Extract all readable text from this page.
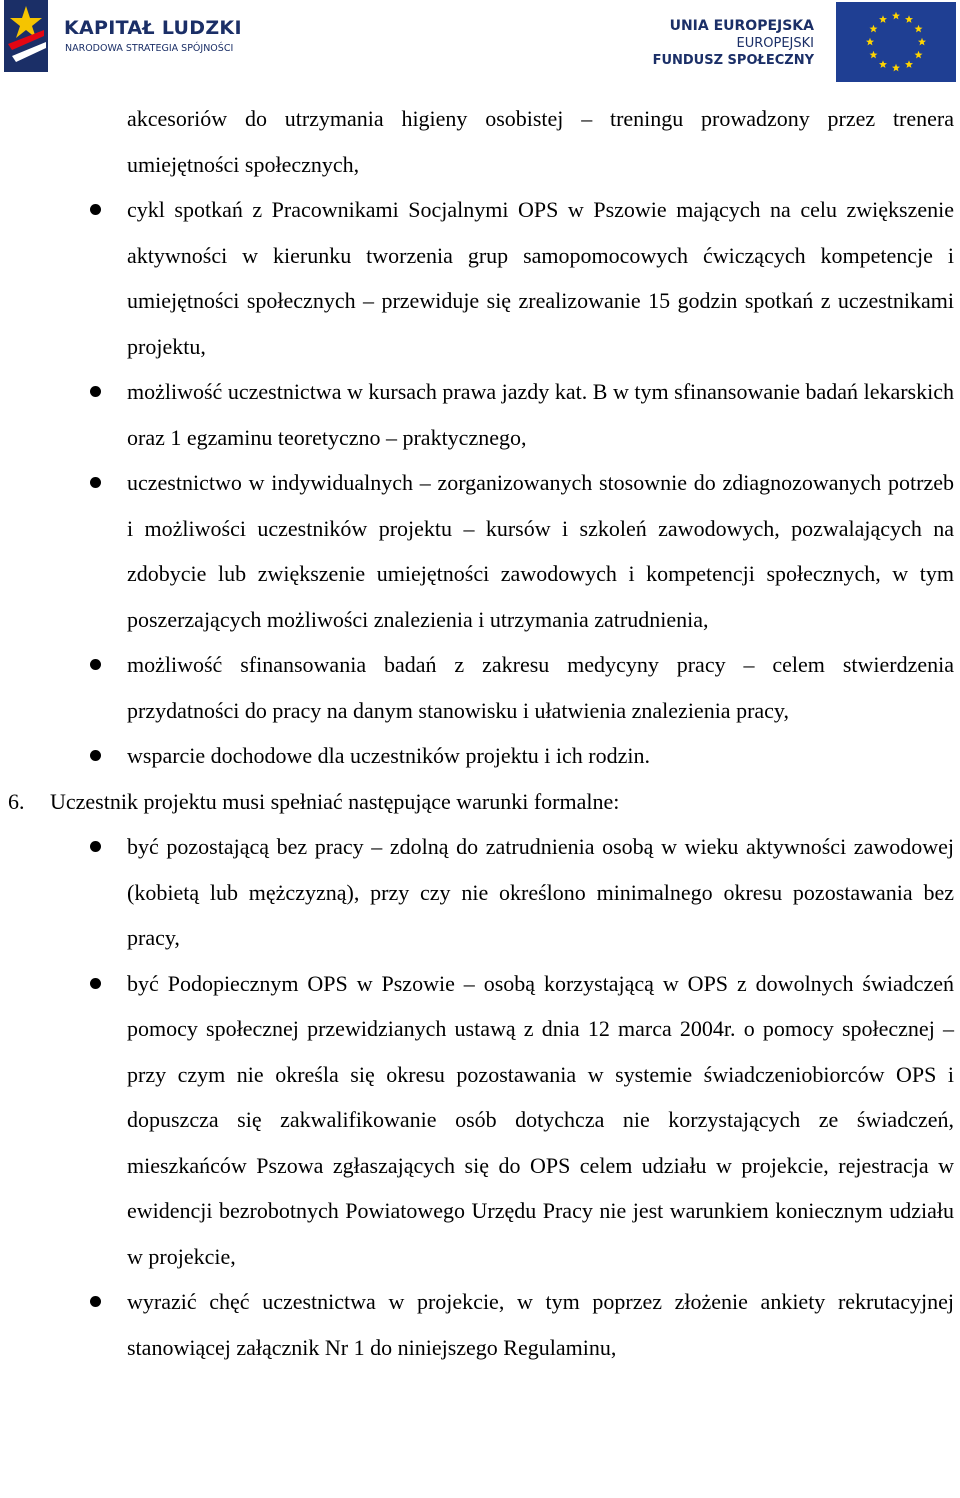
KAPITAŁ LUDZKI
NARODOWA STRATEGIA SPÓJNOŚCI
UNIA EUROPEJSKA
EUROPEJSKI
FUNDUSZ SPOŁECZNY

akcesoriów do utrzymania higieny osobistej – treningu prowadzony przez trenera umiejętności społecznych,

cykl spotkań z Pracownikami Socjalnymi OPS w Pszowie mających na celu zwiększenie aktywności w kierunku tworzenia grup samopomocowych ćwiczących kompetencje i umiejętności społecznych – przewiduje się zrealizowanie 15 godzin spotkań z uczestnikami projektu,

możliwość uczestnictwa w kursach prawa jazdy kat. B w tym sfinansowanie badań lekarskich oraz 1 egzaminu teoretyczno – praktycznego,

uczestnictwo w indywidualnych – zorganizowanych stosownie do zdiagnozowanych potrzeb i możliwości uczestników projektu – kursów i szkoleń zawodowych, pozwalających na zdobycie lub zwiększenie umiejętności zawodowych i kompetencji społecznych, w tym poszerzających możliwości znalezienia i utrzymania zatrudnienia,

możliwość sfinansowania badań z zakresu medycyny pracy – celem stwierdzenia przydatności do pracy na danym stanowisku i ułatwienia znalezienia pracy,

wsparcie dochodowe dla uczestników projektu i ich rodzin.

6. Uczestnik projektu musi spełniać następujące warunki formalne:

być pozostającą bez pracy – zdolną do zatrudnienia osobą w wieku aktywności zawodowej (kobietą lub mężczyzną), przy czy nie określono minimalnego okresu pozostawania bez pracy,

być Podopiecznym OPS w Pszowie – osobą korzystającą w OPS z dowolnych świadczeń pomocy społecznej przewidzianych ustawą z dnia 12 marca 2004r. o pomocy społecznej – przy czym nie określa się okresu pozostawania w systemie świadczeniobiorców OPS i dopuszcza się zakwalifikowanie osób dotychcza nie korzystających ze świadczeń, mieszkańców Pszowa zgłaszających się do OPS celem udziału w projekcie, rejestracja w ewidencji bezrobotnych Powiatowego Urzędu Pracy nie jest warunkiem koniecznym udziału w projekcie,

wyrazić chęć uczestnictwa w projekcie, w tym poprzez złożenie ankiety rekrutacyjnej stanowiącej załącznik Nr 1 do niniejszego Regulaminu,
